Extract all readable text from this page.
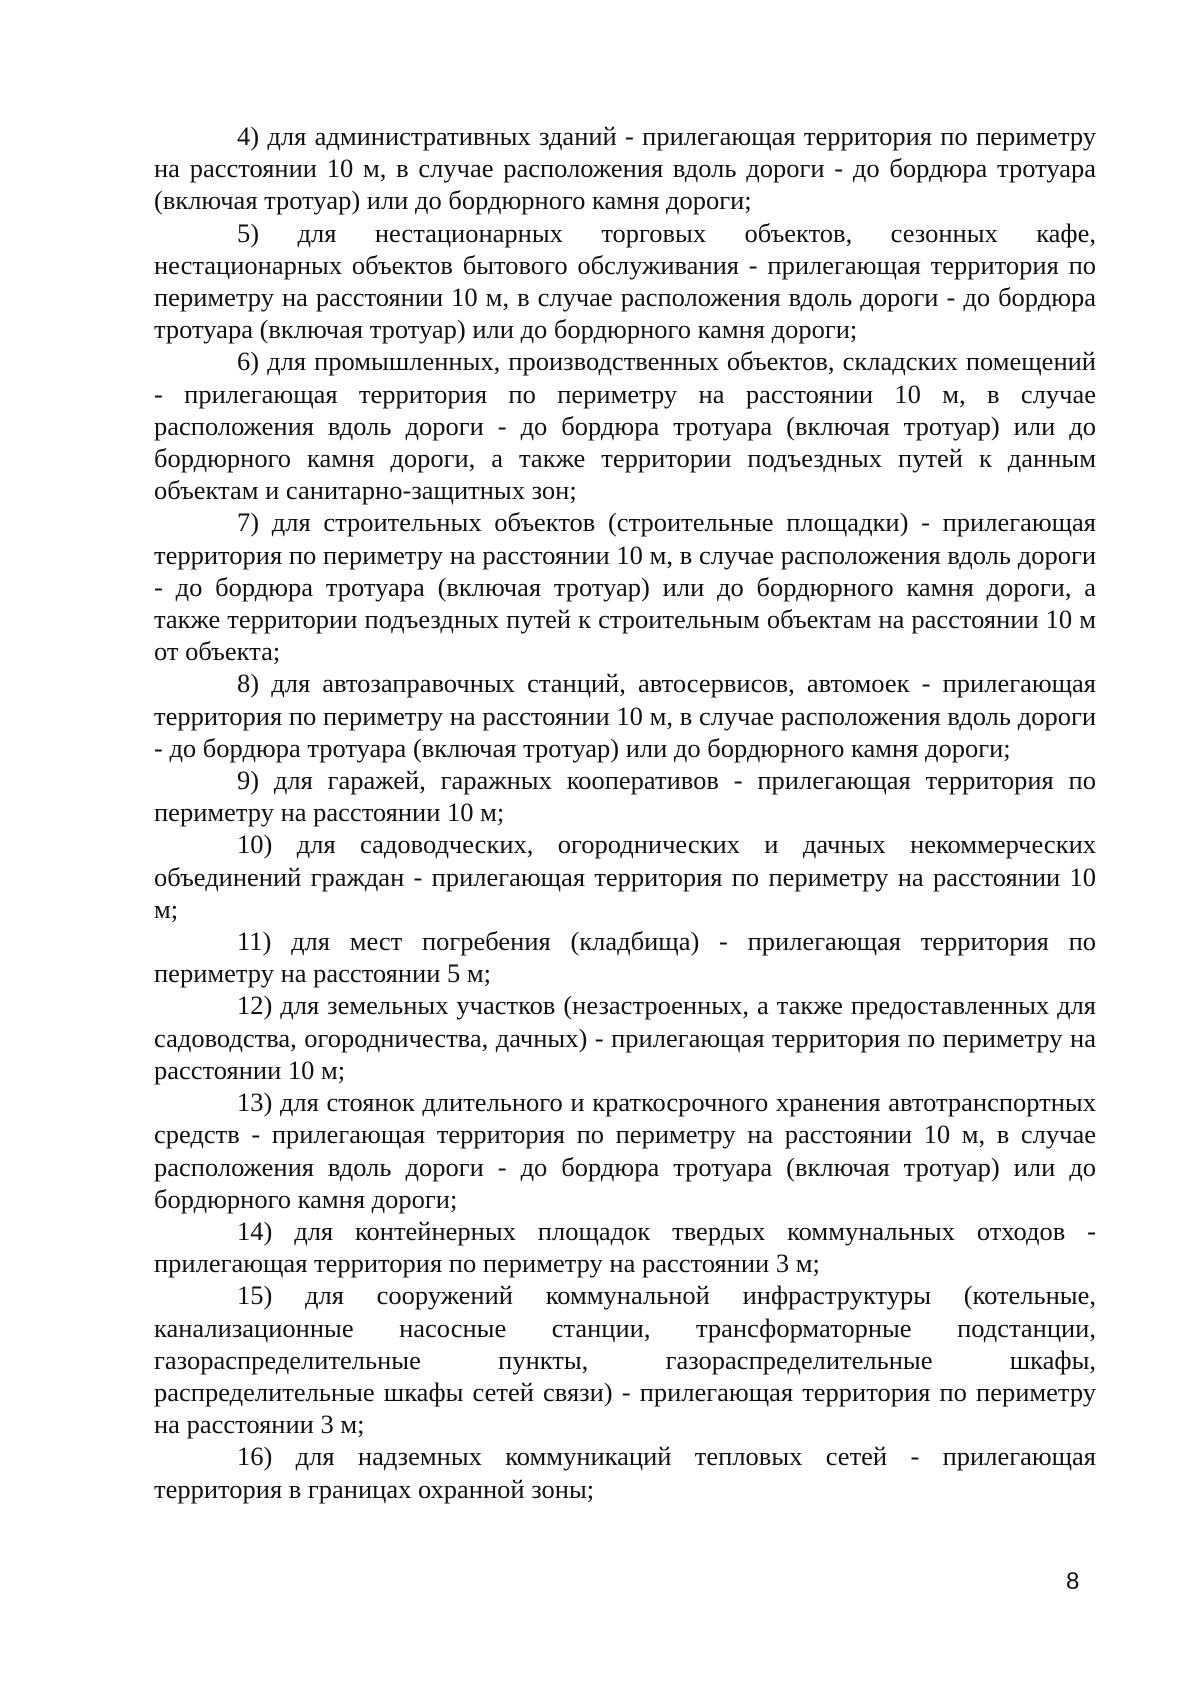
4) для административных зданий - прилегающая территория по периметру на расстоянии 10 м, в случае расположения вдоль дороги - до бордюра тротуара (включая тротуар) или до бордюрного камня дороги;

5) для нестационарных торговых объектов, сезонных кафе, нестационарных объектов бытового обслуживания - прилегающая территория по периметру на расстоянии 10 м, в случае расположения вдоль дороги - до бордюра тротуара (включая тротуар) или до бордюрного камня дороги;

6) для промышленных, производственных объектов, складских помещений - прилегающая территория по периметру на расстоянии 10 м, в случае расположения вдоль дороги - до бордюра тротуара (включая тротуар) или до бордюрного камня дороги, а также территории подъездных путей к данным объектам и санитарно-защитных зон;

7) для строительных объектов (строительные площадки) - прилегающая территория по периметру на расстоянии 10 м, в случае расположения вдоль дороги - до бордюра тротуара (включая тротуар) или до бордюрного камня дороги, а также территории подъездных путей к строительным объектам на расстоянии 10 м от объекта;

8) для автозаправочных станций, автосервисов, автомоек - прилегающая территория по периметру на расстоянии 10 м, в случае расположения вдоль дороги - до бордюра тротуара (включая тротуар) или до бордюрного камня дороги;

9) для гаражей, гаражных кооперативов - прилегающая территория по периметру на расстоянии 10 м;

10) для садоводческих, огороднических и дачных некоммерческих объединений граждан - прилегающая территория по периметру на расстоянии 10 м;

11) для мест погребения (кладбища) - прилегающая территория по периметру на расстоянии 5 м;

12) для земельных участков (незастроенных, а также предоставленных для садоводства, огородничества, дачных) - прилегающая территория по периметру на расстоянии 10 м;

13) для стоянок длительного и краткосрочного хранения автотранспортных средств - прилегающая территория по периметру на расстоянии 10 м, в случае расположения вдоль дороги - до бордюра тротуара (включая тротуар) или до бордюрного камня дороги;

14) для контейнерных площадок твердых коммунальных отходов - прилегающая территория по периметру на расстоянии 3 м;

15) для сооружений коммунальной инфраструктуры (котельные, канализационные насосные станции, трансформаторные подстанции, газораспределительные пункты, газораспределительные шкафы, распределительные шкафы сетей связи) - прилегающая территория по периметру на расстоянии 3 м;

16) для надземных коммуникаций тепловых сетей - прилегающая территория в границах охранной зоны;

8
